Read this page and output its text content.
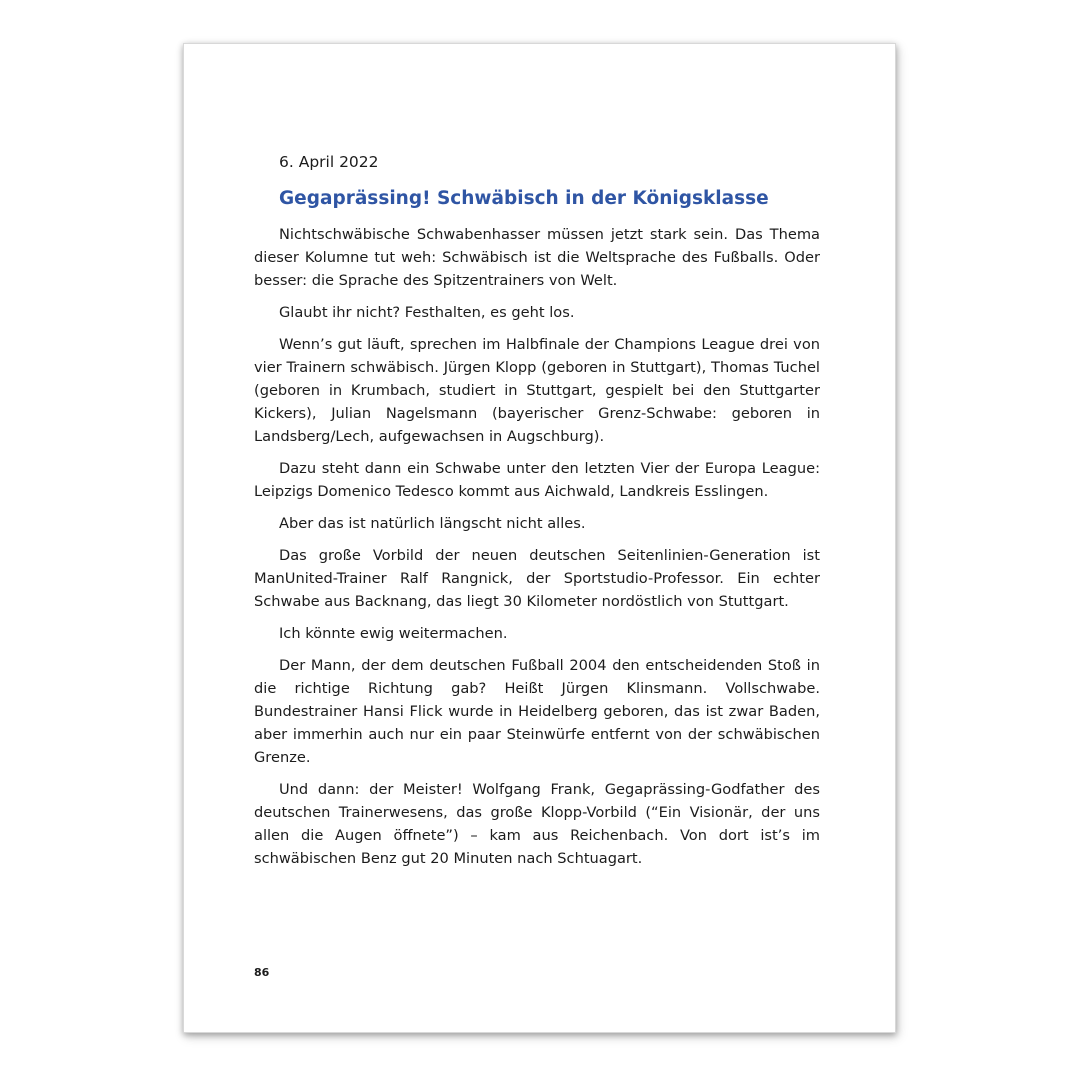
6. April 2022
Gegaprässing! Schwäbisch in der Königsklasse

Nichtschwäbische Schwabenhasser müssen jetzt stark sein. Das Thema dieser Kolumne tut weh: Schwäbisch ist die Weltsprache des Fußballs. Oder besser: die Sprache des Spitzentrainers von Welt.

Glaubt ihr nicht? Festhalten, es geht los.

Wenn’s gut läuft, sprechen im Halbfinale der Champions League drei von vier Trainern schwäbisch. Jürgen Klopp (geboren in Stuttgart), Thomas Tuchel (geboren in Krumbach, studiert in Stuttgart, gespielt bei den Stuttgarter Kickers), Julian Nagelsmann (bayerischer Grenz-Schwabe: geboren in Landsberg/Lech, aufgewachsen in Augschburg).

Dazu steht dann ein Schwabe unter den letzten Vier der Europa League: Leipzigs Domenico Tedesco kommt aus Aichwald, Landkreis Esslingen.

Aber das ist natürlich längscht nicht alles.

Das große Vorbild der neuen deutschen Seitenlinien-Generation ist ManUnited-Trainer Ralf Rangnick, der Sportstudio-Professor. Ein echter Schwabe aus Backnang, das liegt 30 Kilometer nordöstlich von Stuttgart.

Ich könnte ewig weitermachen.

Der Mann, der dem deutschen Fußball 2004 den entscheidenden Stoß in die richtige Richtung gab? Heißt Jürgen Klinsmann. Vollschwabe. Bundestrainer Hansi Flick wurde in Heidelberg geboren, das ist zwar Baden, aber immerhin auch nur ein paar Steinwürfe entfernt von der schwäbischen Grenze.

Und dann: der Meister! Wolfgang Frank, Gegaprässing-Godfather des deutschen Trainerwesens, das große Klopp-Vorbild (“Ein Visionär, der uns allen die Augen öffnete”) – kam aus Reichenbach. Von dort ist’s im schwäbischen Benz gut 20 Minuten nach Schtuagart.

86
